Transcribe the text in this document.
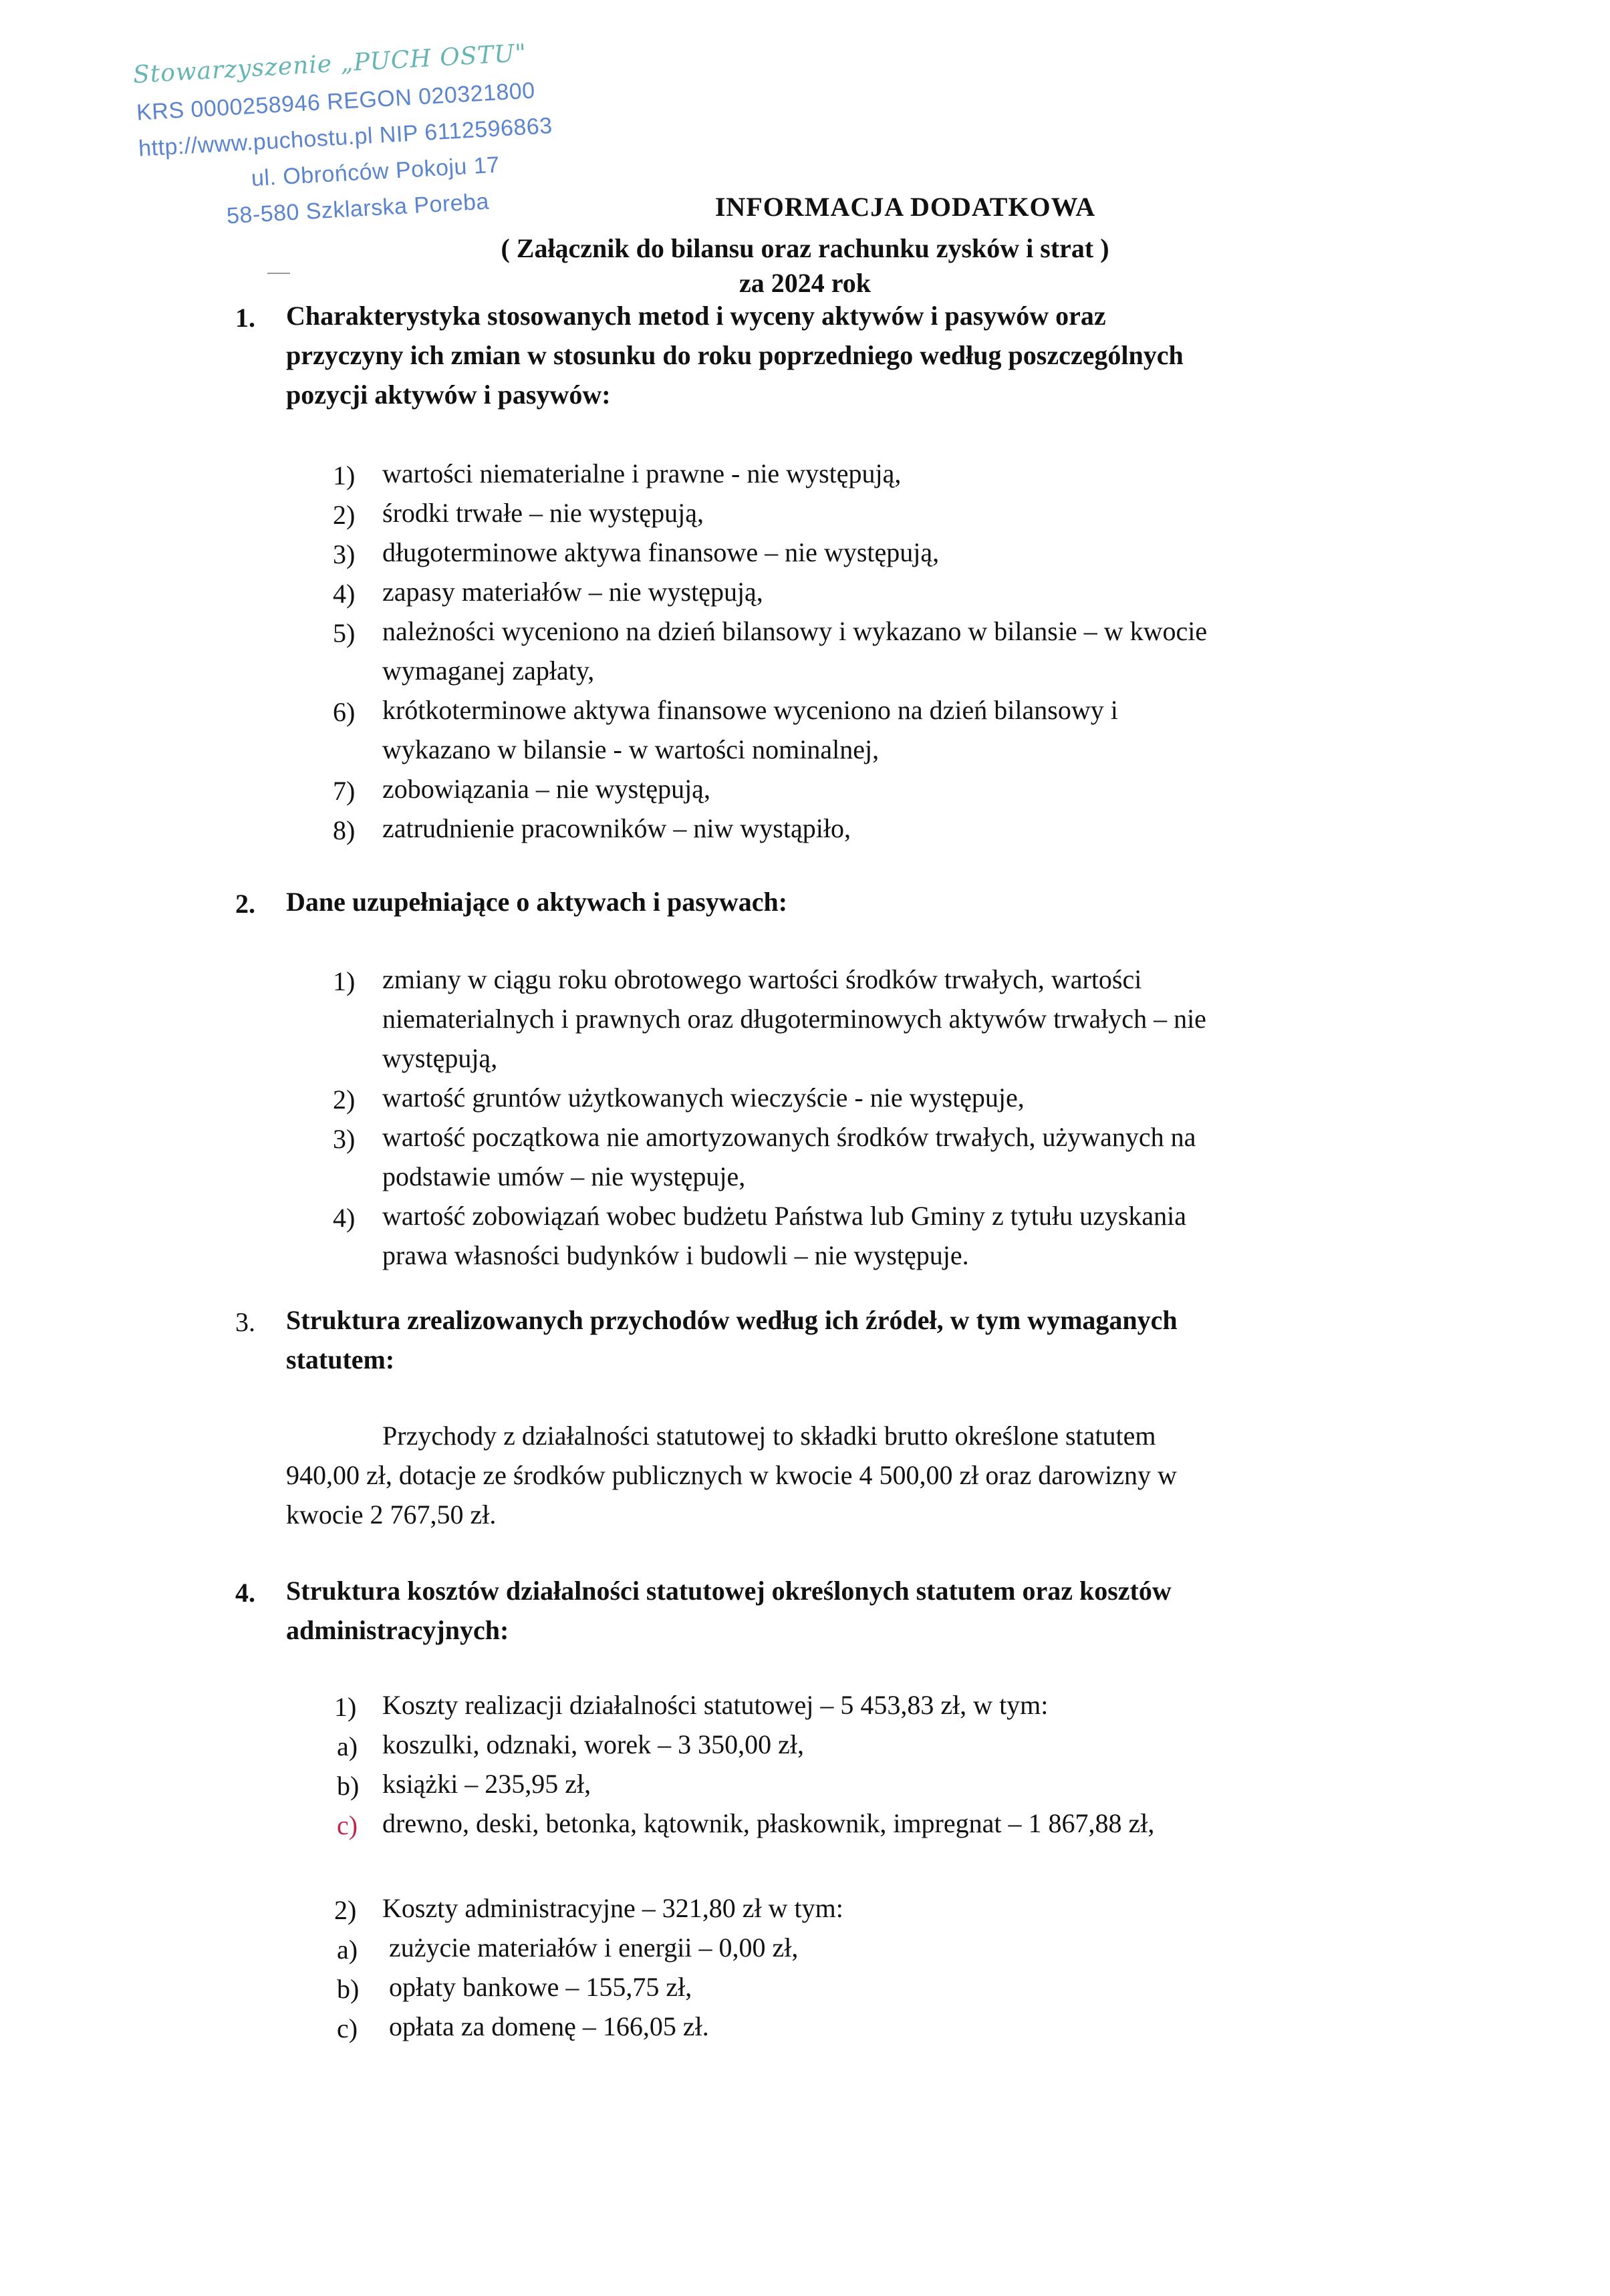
Stowarzyszenie „PUCH OSTU"
KRS 0000258946 REGON 020321800
http://www.puchostu.pl NIP 6112596863
ul. Obrońców Pokoju 17
58-580 Szklarska Poreba	INFORMACJA DODATKOWA
( Załącznik do bilansu oraz rachunku zysków i strat )
za 2024 rok
1. Charakterystyka stosowanych metod i wyceny aktywów i pasywów oraz
przyczyny ich zmian w stosunku do roku poprzedniego według poszczególnych
pozycji aktywów i pasywów:
1) wartości niematerialne i prawne - nie występują,
2) środki trwałe – nie występują,
3) długoterminowe aktywa finansowe – nie występują,
4) zapasy materiałów – nie występują,
5) należności wyceniono na dzień bilansowy i wykazano w bilansie – w kwocie
wymaganej zapłaty,
6) krótkoterminowe aktywa finansowe wyceniono na dzień bilansowy i
wykazano w bilansie - w wartości nominalnej,
7) zobowiązania – nie występują,
8) zatrudnienie pracowników – niw wystąpiło,
2. Dane uzupełniające o aktywach i pasywach:
1) zmiany w ciągu roku obrotowego wartości środków trwałych, wartości
niematerialnych i prawnych oraz długoterminowych aktywów trwałych – nie
występują,
2) wartość gruntów użytkowanych wieczyście - nie występuje,
3) wartość początkowa nie amortyzowanych środków trwałych, używanych na
podstawie umów – nie występuje,
4) wartość zobowiązań wobec budżetu Państwa lub Gminy z tytułu uzyskania
prawa własności budynków i budowli – nie występuje.
3. Struktura zrealizowanych przychodów według ich źródeł, w tym wymaganych
statutem:
Przychody z działalności statutowej to składki brutto określone statutem
940,00 zł, dotacje ze środków publicznych w kwocie 4 500,00 zł oraz darowizny w
kwocie 2 767,50 zł.
4. Struktura kosztów działalności statutowej określonych statutem oraz kosztów
administracyjnych:
1) Koszty realizacji działalności statutowej – 5 453,83 zł, w tym:
a) koszulki, odznaki, worek – 3 350,00 zł,
b) książki – 235,95 zł,
c) drewno, deski, betonka, kątownik, płaskownik, impregnat – 1 867,88 zł,
2) Koszty administracyjne – 321,80 zł w tym:
a) zużycie materiałów i energii – 0,00 zł,
b) opłaty bankowe – 155,75 zł,
c) opłata za domenę – 166,05 zł.
